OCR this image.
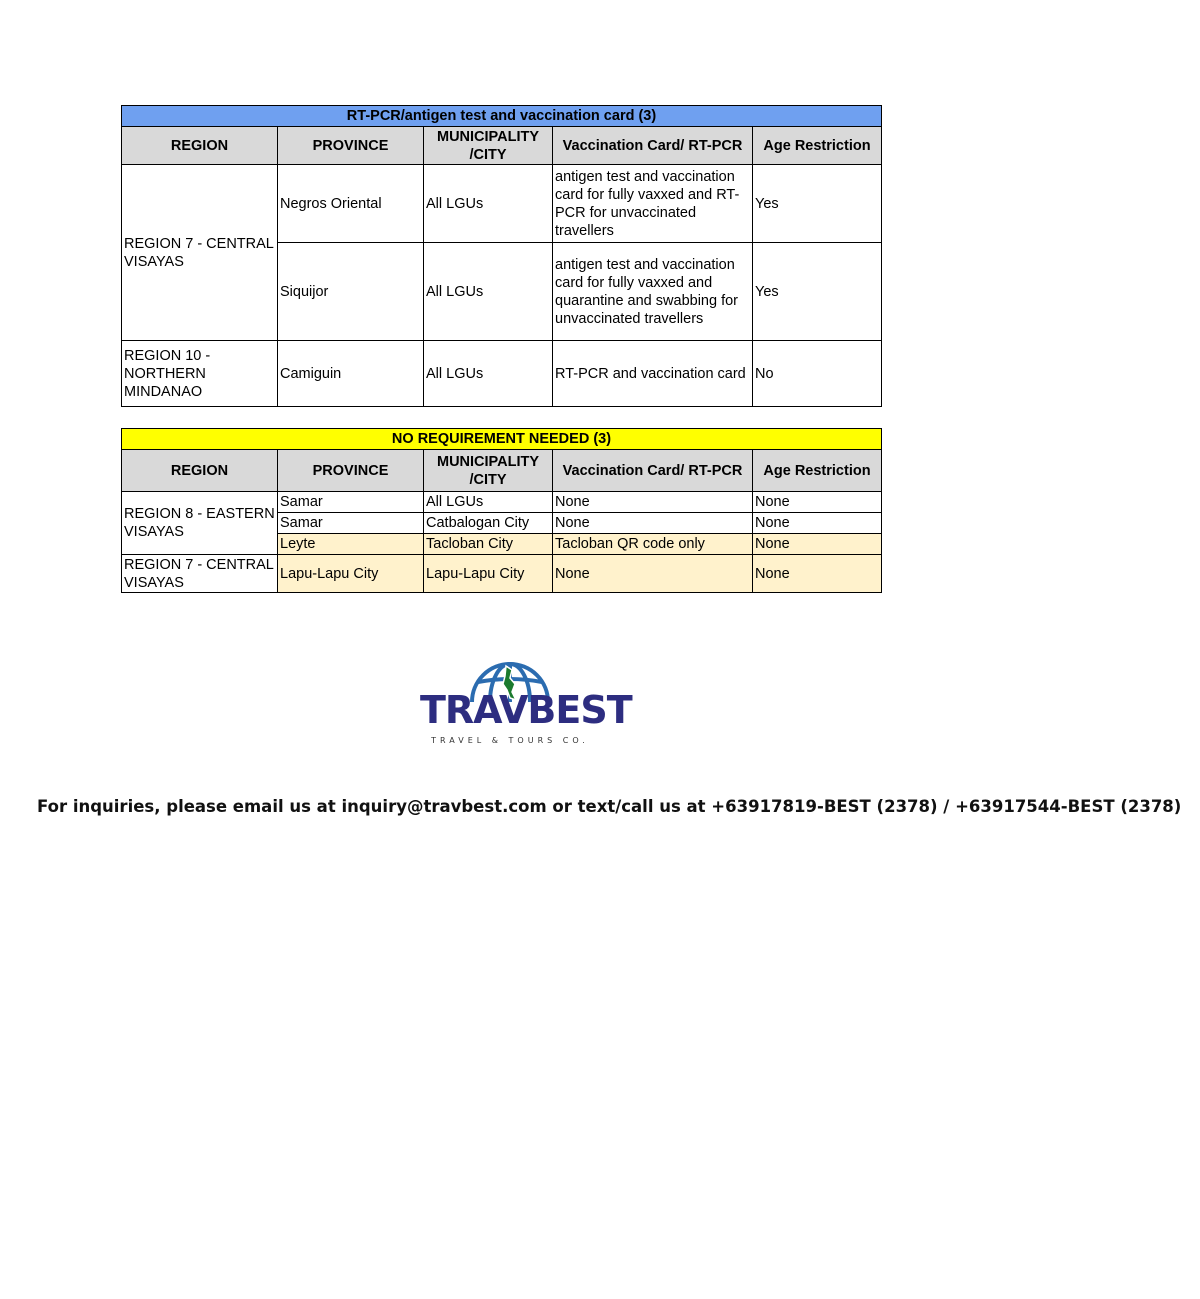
RT-PCR/antigen test and vaccination card (3)				
REGION	PROVINCE	MUNICIPALITY /CITY	Vaccination Card/ RT-PCR	Age Restriction
REGION 7 - CENTRAL VISAYAS	Negros Oriental	All LGUs	antigen test and vaccination card for fully vaxxed and RT-PCR for unvaccinated travellers	Yes
	Siquijor	All LGUs	antigen test and vaccination card for fully vaxxed and quarantine and swabbing for unvaccinated travellers	Yes
REGION 10 - NORTHERN MINDANAO	Camiguin	All LGUs	RT-PCR and vaccination card	No
NO REQUIREMENT NEEDED (3)				
REGION	PROVINCE	MUNICIPALITY /CITY	Vaccination Card/ RT-PCR	Age Restriction
REGION 8 - EASTERN VISAYAS	Samar	All LGUs	None	None
	Samar	Catbalogan City	None	None
	Leyte	Tacloban City	Tacloban QR code only	None
REGION 7 - CENTRAL VISAYAS	Lapu-Lapu City	Lapu-Lapu City	None	None
TRAVBEST
TRAVEL & TOURS CO.
For inquiries, please email us at inquiry@travbest.com or text/call us at +63917819-BEST (2378) / +63917544-BEST (2378)
